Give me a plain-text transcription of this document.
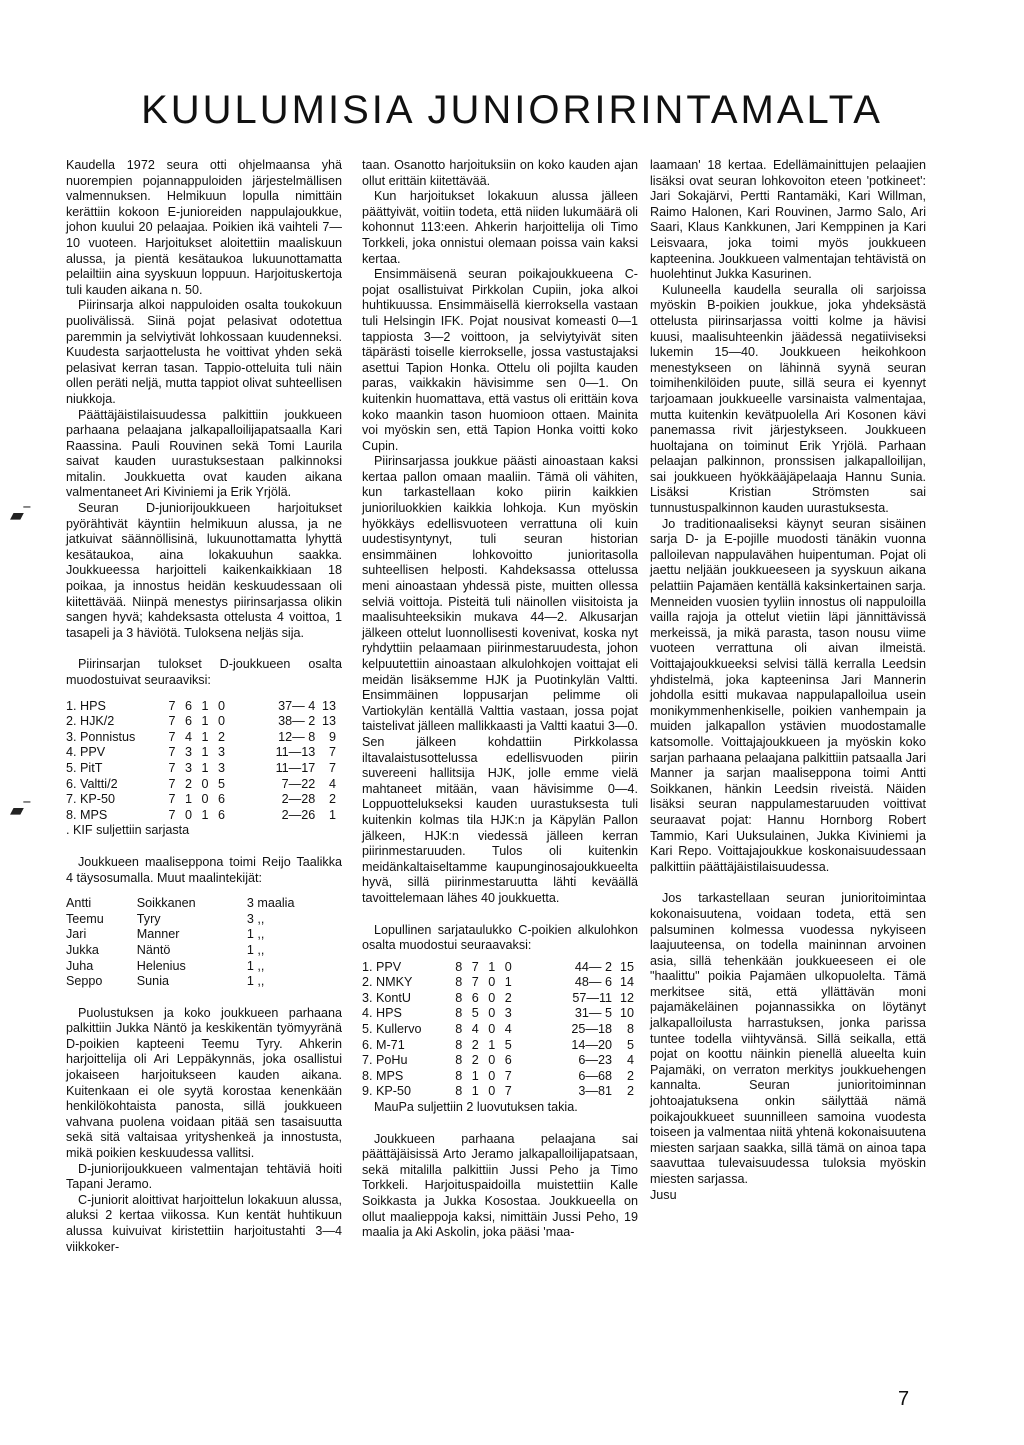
KUULUMISIA JUNIORIRINTAMALTA
▰‾
▰‾

Kaudella 1972 seura otti ohjelmaansa yhä nuorempien pojannappuloiden järjestelmällisen valmennuksen. Helmikuun lopulla nimittäin kerättiin kokoon E-junioreiden nappulajoukkue, johon kuului 20 pelaajaa. Poikien ikä vaihteli 7—10 vuoteen. Harjoitukset aloitettiin maaliskuun alussa, ja pientä kesätaukoa lukuunottamatta pelailtiin aina syyskuun loppuun. Harjoituskertoja tuli kauden aikana n. 50.

Piirinsarja alkoi nappuloiden osalta toukokuun puolivälissä. Siinä pojat pelasivat odotettua paremmin ja selviytivät lohkossaan kuudenneksi. Kuudesta sarjaottelusta he voittivat yhden sekä pelasivat kerran tasan. Tappio-otteluita tuli näin ollen peräti neljä, mutta tappiot olivat suhteellisen niukkoja.

Päättäjäistilaisuudessa palkittiin joukkueen parhaana pelaajana jalkapalloilijapatsaalla Kari Raassina. Pauli Rouvinen sekä Tomi Laurila saivat kauden uurastuksestaan palkinnoksi mitalin. Joukkuetta ovat kauden aikana valmentaneet Ari Kiviniemi ja Erik Yrjölä.

Seuran D-juniorijoukkueen harjoitukset pyörähtivät käyntiin helmikuun alussa, ja ne jatkuivat säännöllisinä, lukuunottamatta lyhyttä kesätaukoa, aina lokakuuhun saakka. Joukkueessa harjoitteli kaikenkaikkiaan 18 poikaa, ja innostus heidän keskuudessaan oli kiitettävää. Niinpä menestys piirinsarjassa olikin sangen hyvä; kahdeksasta ottelusta 4 voittoa, 1 tasapeli ja 3 häviötä. Tuloksena neljäs sija.

Piirinsarjan tulokset D-joukkueen osalta muodostuivat seuraaviksi:

1. HPS	7 6 1 0	37— 4	13
2. HJK/2	7 6 1 0	38— 2	13
3. Ponnistus	7 4 1 2	12— 8	9
4. PPV	7 3 1 3	11—13	7
5. PitT	7 3 1 3	11—17	7
6. Valtti/2	7 2 0 5	7—22	4
7. KP-50	7 1 0 6	2—28	2
8. MPS	7 0 1 6	2—26	1

. KIF suljettiin sarjasta

Joukkueen maaliseppona toimi Reijo Taalikka 4 täysosumalla. Muut maalintekijät:

Antti	Soikkanen	3 maalia
Teemu	Tyry	3 ,,
Jari	Manner	1 ,,
Jukka	Näntö	1 ,,
Juha	Helenius	1 ,,
Seppo	Sunia	1 ,,

Puolustuksen ja koko joukkueen parhaana palkittiin Jukka Näntö ja keskikentän työmyyränä D-poikien kapteeni Teemu Tyry. Ahkerin harjoittelija oli Ari Leppäkynnäs, joka osallistui jokaiseen harjoitukseen kauden aikana. Kuitenkaan ei ole syytä korostaa kenenkään henkilökohtaista panosta, sillä joukkueen vahvana puolena voidaan pitää sen tasaisuutta sekä sitä valtaisaa yrityshenkeä ja innostusta, mikä poikien keskuudessa vallitsi.

D-juniorijoukkueen valmentajan tehtäviä hoiti Tapani Jeramo.

C-juniorit aloittivat harjoittelun lokakuun alussa, aluksi 2 kertaa viikossa. Kun kentät huhtikuun alussa kuivuivat kiristettiin harjoitustahti 3—4 viikkoker-

taan. Osanotto harjoituksiin on koko kauden ajan ollut erittäin kiitettävää.

Kun harjoitukset lokakuun alussa jälleen päättyivät, voitiin todeta, että niiden lukumäärä oli kohonnut 113:een. Ahkerin harjoittelija oli Timo Torkkeli, joka onnistui olemaan poissa vain kaksi kertaa.

Ensimmäisenä seuran poikajoukkueena C-pojat osallistuivat Pirkkolan Cupiin, joka alkoi huhtikuussa. Ensimmäisellä kierroksella vastaan tuli Helsingin IFK. Pojat nousivat komeasti 0—1 tappiosta 3—2 voittoon, ja selviytyivät siten täpärästi toiselle kierrokselle, jossa vastustajaksi asettui Tapion Honka. Ottelu oli pojilta kauden paras, vaikkakin hävisimme sen 0—1. On kuitenkin huomattava, että vastus oli erittäin kova koko maankin tason huomioon ottaen. Mainita voi myöskin sen, että Tapion Honka voitti koko Cupin.

Piirinsarjassa joukkue päästi ainoastaan kaksi kertaa pallon omaan maaliin. Tämä oli vähiten, kun tarkastellaan koko piirin kaikkien junioriluokkien kaikkia lohkoja. Kun myöskin hyökkäys edellisvuoteen verrattuna oli kuin uudestisyntynyt, tuli seuran historian ensimmäinen lohkovoitto junioritasolla suhteellisen helposti. Kahdeksassa ottelussa meni ainoastaan yhdessä piste, muitten ollessa selviä voittoja. Pisteitä tuli näinollen viisitoista ja maalisuhteeksikin mukava 44—2. Alkusarjan jälkeen ottelut luonnollisesti kovenivat, koska nyt ryhdyttiin pelaamaan piirinmestaruudesta, johon kelpuutettiin ainoastaan alkulohkojen voittajat eli meidän lisäksemme HJK ja Puotinkylän Valtti. Ensimmäinen loppusarjan pelimme oli Vartiokylän kentällä Valttia vastaan, jossa pojat taistelivat jälleen mallikkaasti ja Valtti kaatui 3—0. Sen jälkeen kohdattiin Pirkkolassa iltavalaistusottelussa edellisvuoden piirin suvereeni hallitsija HJK, jolle emme vielä mahtaneet mitään, vaan hävisimme 0—4. Loppuottelukseksi kauden uurastuksesta tuli kuitenkin kolmas tila HJK:n ja Käpylän Pallon jälkeen, HJK:n viedessä jälleen kerran piirinmestaruuden. Tulos oli kuitenkin meidänkaltaiseltamme kaupunginosajoukkueelta hyvä, sillä piirinmestaruutta lähti keväällä tavoittelemaan lähes 40 joukkuetta.

Lopullinen sarjataulukko C-poikien alkulohkon osalta muodostui seuraavaksi:

1. PPV	8 7 1 0	44— 2	15
2. NMKY	8 7 0 1	48— 6	14
3. KontU	8 6 0 2	57—11	12
4. HPS	8 5 0 3	31— 5	10
5. Kullervo	8 4 0 4	25—18	8
6. M-71	8 2 1 5	14—20	5
7. PoHu	8 2 0 6	6—23	4
8. MPS	8 1 0 7	6—68	2
9. KP-50	8 1 0 7	3—81	2

MauPa suljettiin 2 luovutuksen takia.

Joukkueen parhaana pelaajana sai päättäjäisissä Arto Jeramo jalkapalloilijapatsaan, sekä mitalilla palkittiin Jussi Peho ja Timo Torkkeli. Harjoituspaidoilla muistettiin Kalle Soikkasta ja Jukka Kosostaa. Joukkueella on ollut maalieppoja kaksi, nimittäin Jussi Peho, 19 maalia ja Aki Askolin, joka pääsi 'maa-

laamaan' 18 kertaa. Edellämainittujen pelaajien lisäksi ovat seuran lohkovoiton eteen 'potkineet': Jari Sokajärvi, Pertti Rantamäki, Kari Willman, Raimo Halonen, Kari Rouvinen, Jarmo Salo, Ari Saari, Klaus Kankkunen, Jari Kemppinen ja Kari Leisvaara, joka toimi myös joukkueen kapteenina. Joukkueen valmentajan tehtävistä on huolehtinut Jukka Kasurinen.

Kuluneella kaudella seuralla oli sarjoissa myöskin B-poikien joukkue, joka yhdeksästä ottelusta piirinsarjassa voitti kolme ja hävisi kuusi, maalisuhteenkin jäädessä negatiiviseksi lukemin 15—40. Joukkueen heikohkoon menestykseen on lähinnä syynä seuran toimihenkilöiden puute, sillä seura ei kyennyt tarjoamaan joukkueelle varsinaista valmentajaa, mutta kuitenkin kevätpuolella Ari Kosonen kävi panemassa rivit järjestykseen. Joukkueen huoltajana on toiminut Erik Yrjölä. Parhaan pelaajan palkinnon, pronssisen jalkapalloilijan, sai joukkueen hyökkääjäpelaaja Hannu Sunia. Lisäksi Kristian Strömsten sai tunnustuspalkinnon kauden uurastuksesta.

Jo traditionaaliseksi käynyt seuran sisäinen sarja D- ja E-pojille muodosti tänäkin vuonna palloilevan nappulavähen huipentuman. Pojat oli jaettu neljään joukkueeseen ja syyskuun aikana pelattiin Pajamäen kentällä kaksinkertainen sarja. Menneiden vuosien tyyliin innostus oli nappuloilla vailla rajoja ja ottelut vietiin läpi jännittävissä merkeissä, ja mikä parasta, tason nousu viime vuoteen verrattuna oli aivan ilmeistä. Voittajajoukkueeksi selvisi tällä kerralla Leedsin yhdistelmä, joka kapteeninsa Jari Mannerin johdolla esitti mukavaa nappulapalloilua usein monikymmenhenkiselle, poikien vanhempain ja muiden jalkapallon ystävien muodostamalle katsomolle. Voittajajoukkueen ja myöskin koko sarjan parhaana pelaajana palkittiin patsaalla Jari Manner ja sarjan maaliseppona toimi Antti Soikkanen, hänkin Leedsin riveistä. Näiden lisäksi seuran nappulamestaruuden voittivat seuraavat pojat: Hannu Hornborg Robert Tammio, Kari Uuksulainen, Jukka Kiviniemi ja Kari Repo. Voittajajoukkue koskonaisuudessaan palkittiin päättäjäistilaisuudessa.

Jos tarkastellaan seuran junioritoimintaa kokonaisuutena, voidaan todeta, että sen palsuminen kolmessa vuodessa nykyiseen laajuuteensa, on todella maininnan arvoinen asia, sillä tehenkään joukkueeseen ei ole "haalittu" poikia Pajamäen ulkopuolelta. Tämä merkitsee sitä, että yllättävän moni pajamäkeläinen pojannassikka on löytänyt jalkapalloilusta harrastuksen, jonka parissa tuntee todella viihtyvänsä. Sillä seikalla, että pojat on koottu näinkin pienellä alueelta kuin Pajamäki, on verraton merkitys joukkuehengen kannalta. Seuran junioritoiminnan johtoajatuksena onkin säilyttää nämä poikajoukkueet suunnilleen samoina vuodesta toiseen ja valmentaa niitä yhtenä kokonaisuutena miesten sarjaan saakka, sillä tämä on ainoa tapa saavuttaa tulevaisuudessa tuloksia myöskin miesten sarjassa.

Jusu

7
